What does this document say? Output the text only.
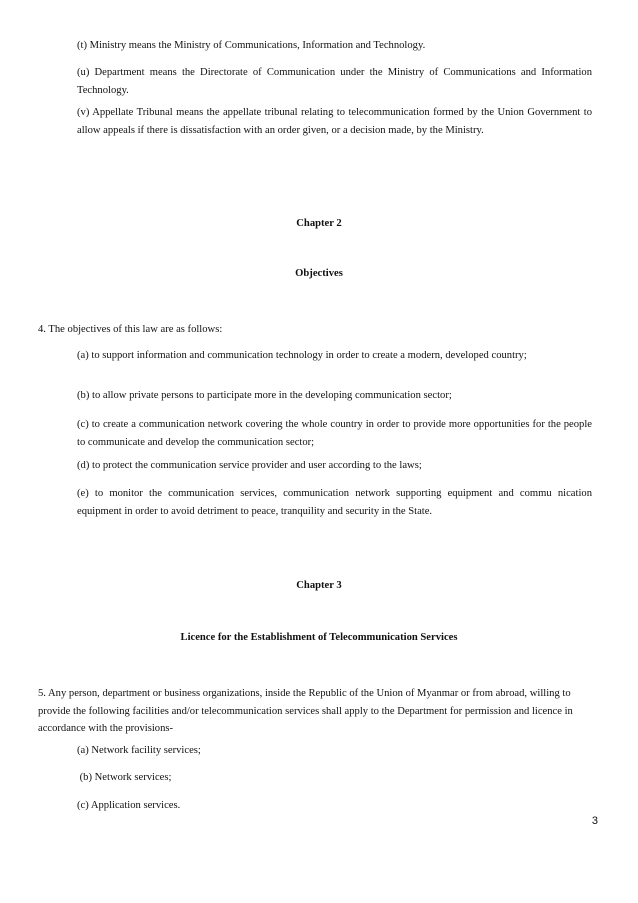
(t) Ministry means the Ministry of Communications, Information and Technology.

(u) Department means the Directorate of Communication under the Ministry of Communications and Information Technology.

(v) Appellate Tribunal means the appellate tribunal relating to telecommunication formed by the Union Government to allow appeals if there is dissatisfaction with an order given, or a decision made, by the Ministry.

Chapter 2

Objectives

4. The objectives of this law are as follows:

(a) to support information and communication technology in order to create a modern, developed country;

(b) to allow private persons to participate more in the developing communication sector;

(c) to create a communication network covering the whole country in order to provide more opportunities for the people to communicate and develop the communication sector;

(d) to protect the communication service provider and user according to the laws;

(e) to monitor the communication services, communication network supporting equipment and commu nication equipment in order to avoid detriment to peace, tranquility and security in the State.

Chapter 3

Licence for the Establishment of Telecommunication Services

5. Any person, department or business organizations, inside the Republic of the Union of Myanmar or from abroad, willing to provide the following facilities and/or telecommunication services shall apply to the Department for permission and licence in accordance with the provisions-

(a) Network facility services;

(b) Network services;

(c) Application services.

3
